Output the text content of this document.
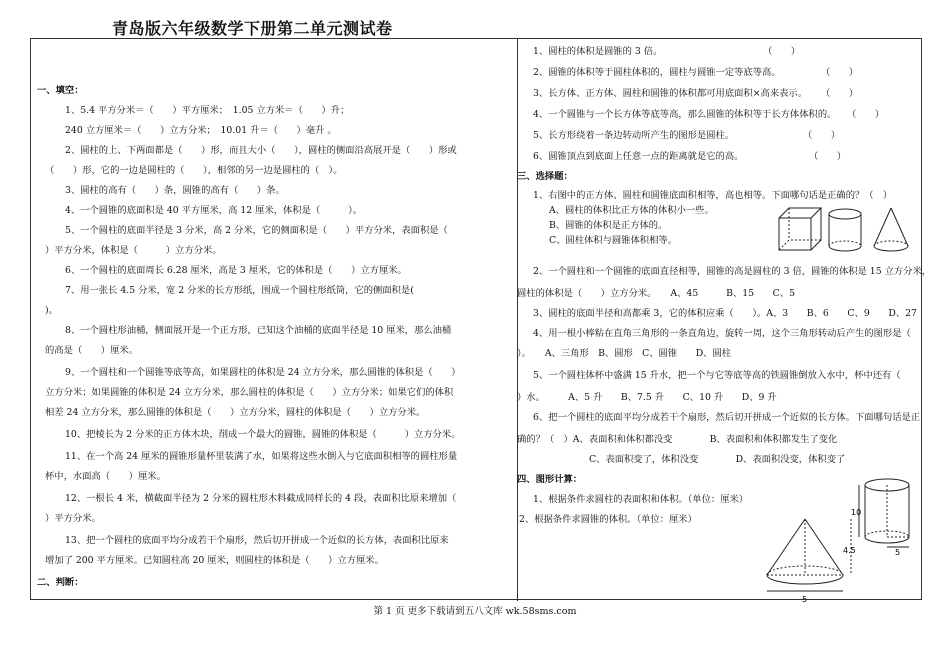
青岛版六年级数学下册第二单元测试卷
一、填空：
1、5.4 平方分米＝（　　）平方厘米；　1.05 立方米＝（　　）升；
240 立方厘米＝（　　）立方分米；　10.01 升＝（　　）毫升 。
2、圆柱的上、下两面都是（　　）形，而且大小（　　），圆柱的侧面沿高展开是（　　）形或
（　　）形，它的一边是圆柱的（　　），相邻的另一边是圆柱的（　）。
3、圆柱的高有（　　）条，圆锥的高有（　　）条。
4、一个圆锥的底面积是 40 平方厘米，高 12 厘米，体积是（　　　）。
5、一个圆柱的底面半径是 3 分米，高 2 分米，它的侧面积是（　　）平方分米，表面积是（
）平方分米，体积是（　　　）立方分米。
6、一个圆柱的底面周长 6.28 厘米，高是 3 厘米，它的体积是（　　）立方厘米。
7、用一张长 4.5 分米，宽 2 分米的长方形纸，围成一个圆柱形纸筒，它的侧面积是(
)。
8、一个圆柱形油桶，侧面展开是一个正方形，已知这个油桶的底面半径是 10 厘米，那么油桶
的高是（　　）厘米。
9、一个圆柱和一个圆锥等底等高，如果圆柱的体积是 24 立方分米，那么圆锥的体积是（　　）
立方分米；如果圆锥的体积是 24 立方分米，那么圆柱的体积是（　　）立方分米；如果它们的体积
相差 24 立方分米，那么圆锥的体积是（　　）立方分米，圆柱的体积是（　　）立方分米。
10、把棱长为 2 分米的正方体木块，削成一个最大的圆锥，圆锥的体积是（　　　）立方分米。
11、在一个高 24 厘米的圆锥形量杯里装满了水，如果将这些水倒入与它底面积相等的圆柱形量
杯中，水面高（　　）厘米。
12、一根长 4 米，横截面半径为 2 分米的圆柱形木料截成同样长的 4 段，表面积比原来增加（
）平方分米。
13、把一个圆柱的底面平均分成若干个扇形，然后切开拼成一个近似的长方体，表面积比原来
增加了 200 平方厘米。已知圆柱高 20 厘米，则圆柱的体积是（　　）立方厘米。
二、判断：
1、圆柱的体积是圆锥的 3 倍。	（　　）
2、圆锥的体积等于圆柱体积的，圆柱与圆锥一定等底等高。	（　　）
3、长方体、正方体、圆柱和圆锥的体积都可用底面积×高来表示。 （　　）
4、一个圆锥与一个长方体等底等高，那么圆锥的体积等于长方体体积的。 （　　）
5、长方形绕着一条边转动所产生的图形是圆柱。	（　　）
6、圆锥顶点到底面上任意一点的距离就是它的高。	（　　）
三、选择题：
1、右图中的正方体、圆柱和圆锥底面积相等，高也相等。下面哪句话是正确的？（　）
A、圆柱的体积比正方体的体积小一些。
B、圆锥的体积是正方体的。
C、圆柱体积与圆锥体积相等。
2、一个圆柱和一个圆锥的底面直径相等，圆锥的高是圆柱的 3 倍，圆锥的体积是 15 立方分米，
圆柱的体积是（　　）立方分米。　　A、45　　　B、15　　C、5
3、圆柱的底面半径和高都乘 3，它的体积应乘（　　）。A、3　　B、6　　C、9　　D、27
4、用一根小棒粘在直角三角形的一条直角边，旋转一周，这个三角形转动后产生的图形是（
）。　　A、三角形　B、圆形　C、圆锥　　D、圆柱
5、一个圆柱体杯中盛满 15 升水，把一个与它等底等高的铁圆锥倒放入水中，杯中还有（
）水。　　　A、5 升　　B、7.5 升　　C、10 升　　D、9 升
6、把一个圆柱的底面平均分成若干个扇形，然后切开拼成一个近似的长方体。下面哪句话是正
确的？（　）A、表面积和体积都没变　　　　B、表面积和体积都发生了变化
C、表面积变了，体积没变　　　　D、表面积没变，体积变了
四、图形计算：
1、根据条件求圆柱的表面积和体积。（单位：厘米）
2、根据条件求圆锥的体积。（单位：厘米）
10
5
4.5
5
第 1 页 更多下载请到五八文库 wk.58sms.com
